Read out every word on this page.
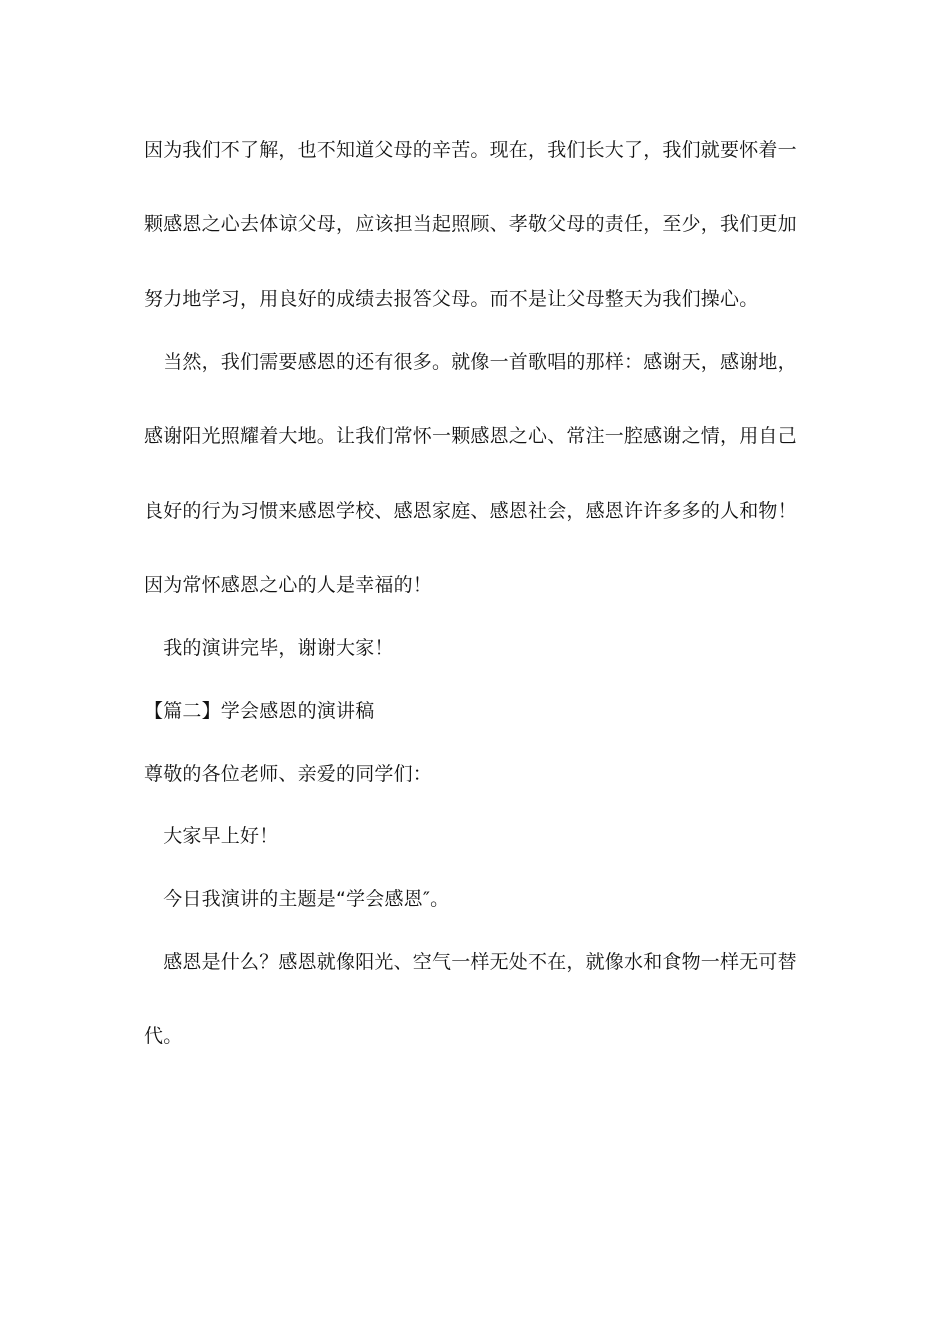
因为我们不了解，也不知道父母的辛苦。现在，我们长大了，我们就要怀着一

颗感恩之心去体谅父母，应该担当起照顾、孝敬父母的责任，至少，我们更加

努力地学习，用良好的成绩去报答父母。而不是让父母整天为我们操心。

　当然，我们需要感恩的还有很多。就像一首歌唱的那样：感谢天，感谢地，

感谢阳光照耀着大地。让我们常怀一颗感恩之心、常注一腔感谢之情，用自己

良好的行为习惯来感恩学校、感恩家庭、感恩社会，感恩许许多多的人和物！

因为常怀感恩之心的人是幸福的！

　我的演讲完毕，谢谢大家！

【篇二】学会感恩的演讲稿

尊敬的各位老师、亲爱的同学们：

　大家早上好！

　今日我演讲的主题是“学会感恩″。

　感恩是什么？感恩就像阳光、空气一样无处不在，就像水和食物一样无可替

代。
